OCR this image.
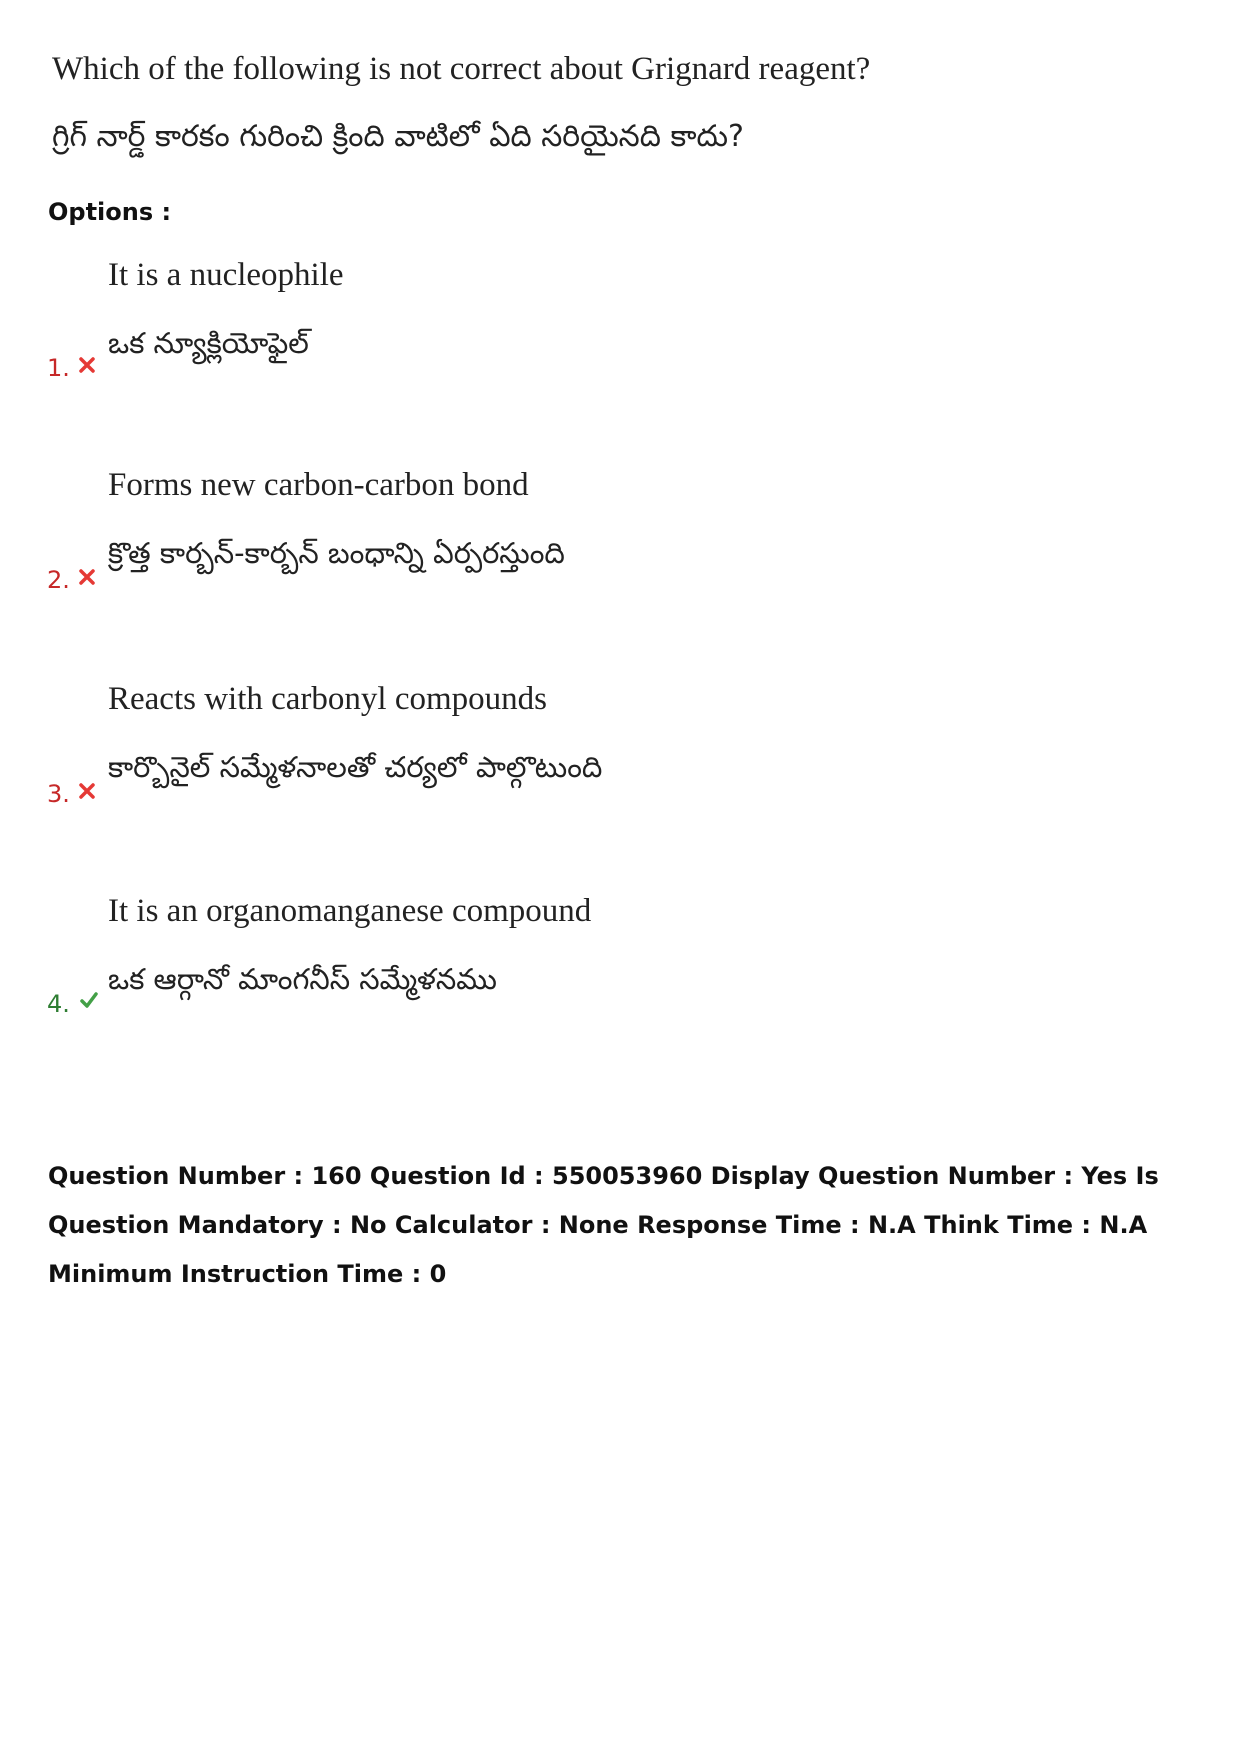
Which of the following is not correct about Grignard reagent?
గ్రిగ్ నార్డ్ కారకం గురించి క్రింది వాటిలో ఏది సరియైనది కాదు?
Options :
1.
It is a nucleophile
ఒక న్యూక్లియోఫైల్
2.
Forms new carbon-carbon bond
క్రొత్త కార్బన్-కార్బన్ బంధాన్ని ఏర్పరస్తుంది
3.
Reacts with carbonyl compounds
కార్బొనైల్ సమ్మేళనాలతో చర్యలో పాల్గొటుంది
4.
It is an organomanganese compound
ఒక ఆర్గానో మాంగనీస్ సమ్మేళనము
Question Number : 160 Question Id : 550053960 Display Question Number : Yes Is Question Mandatory : No Calculator : None Response Time : N.A Think Time : N.A Minimum Instruction Time : 0
